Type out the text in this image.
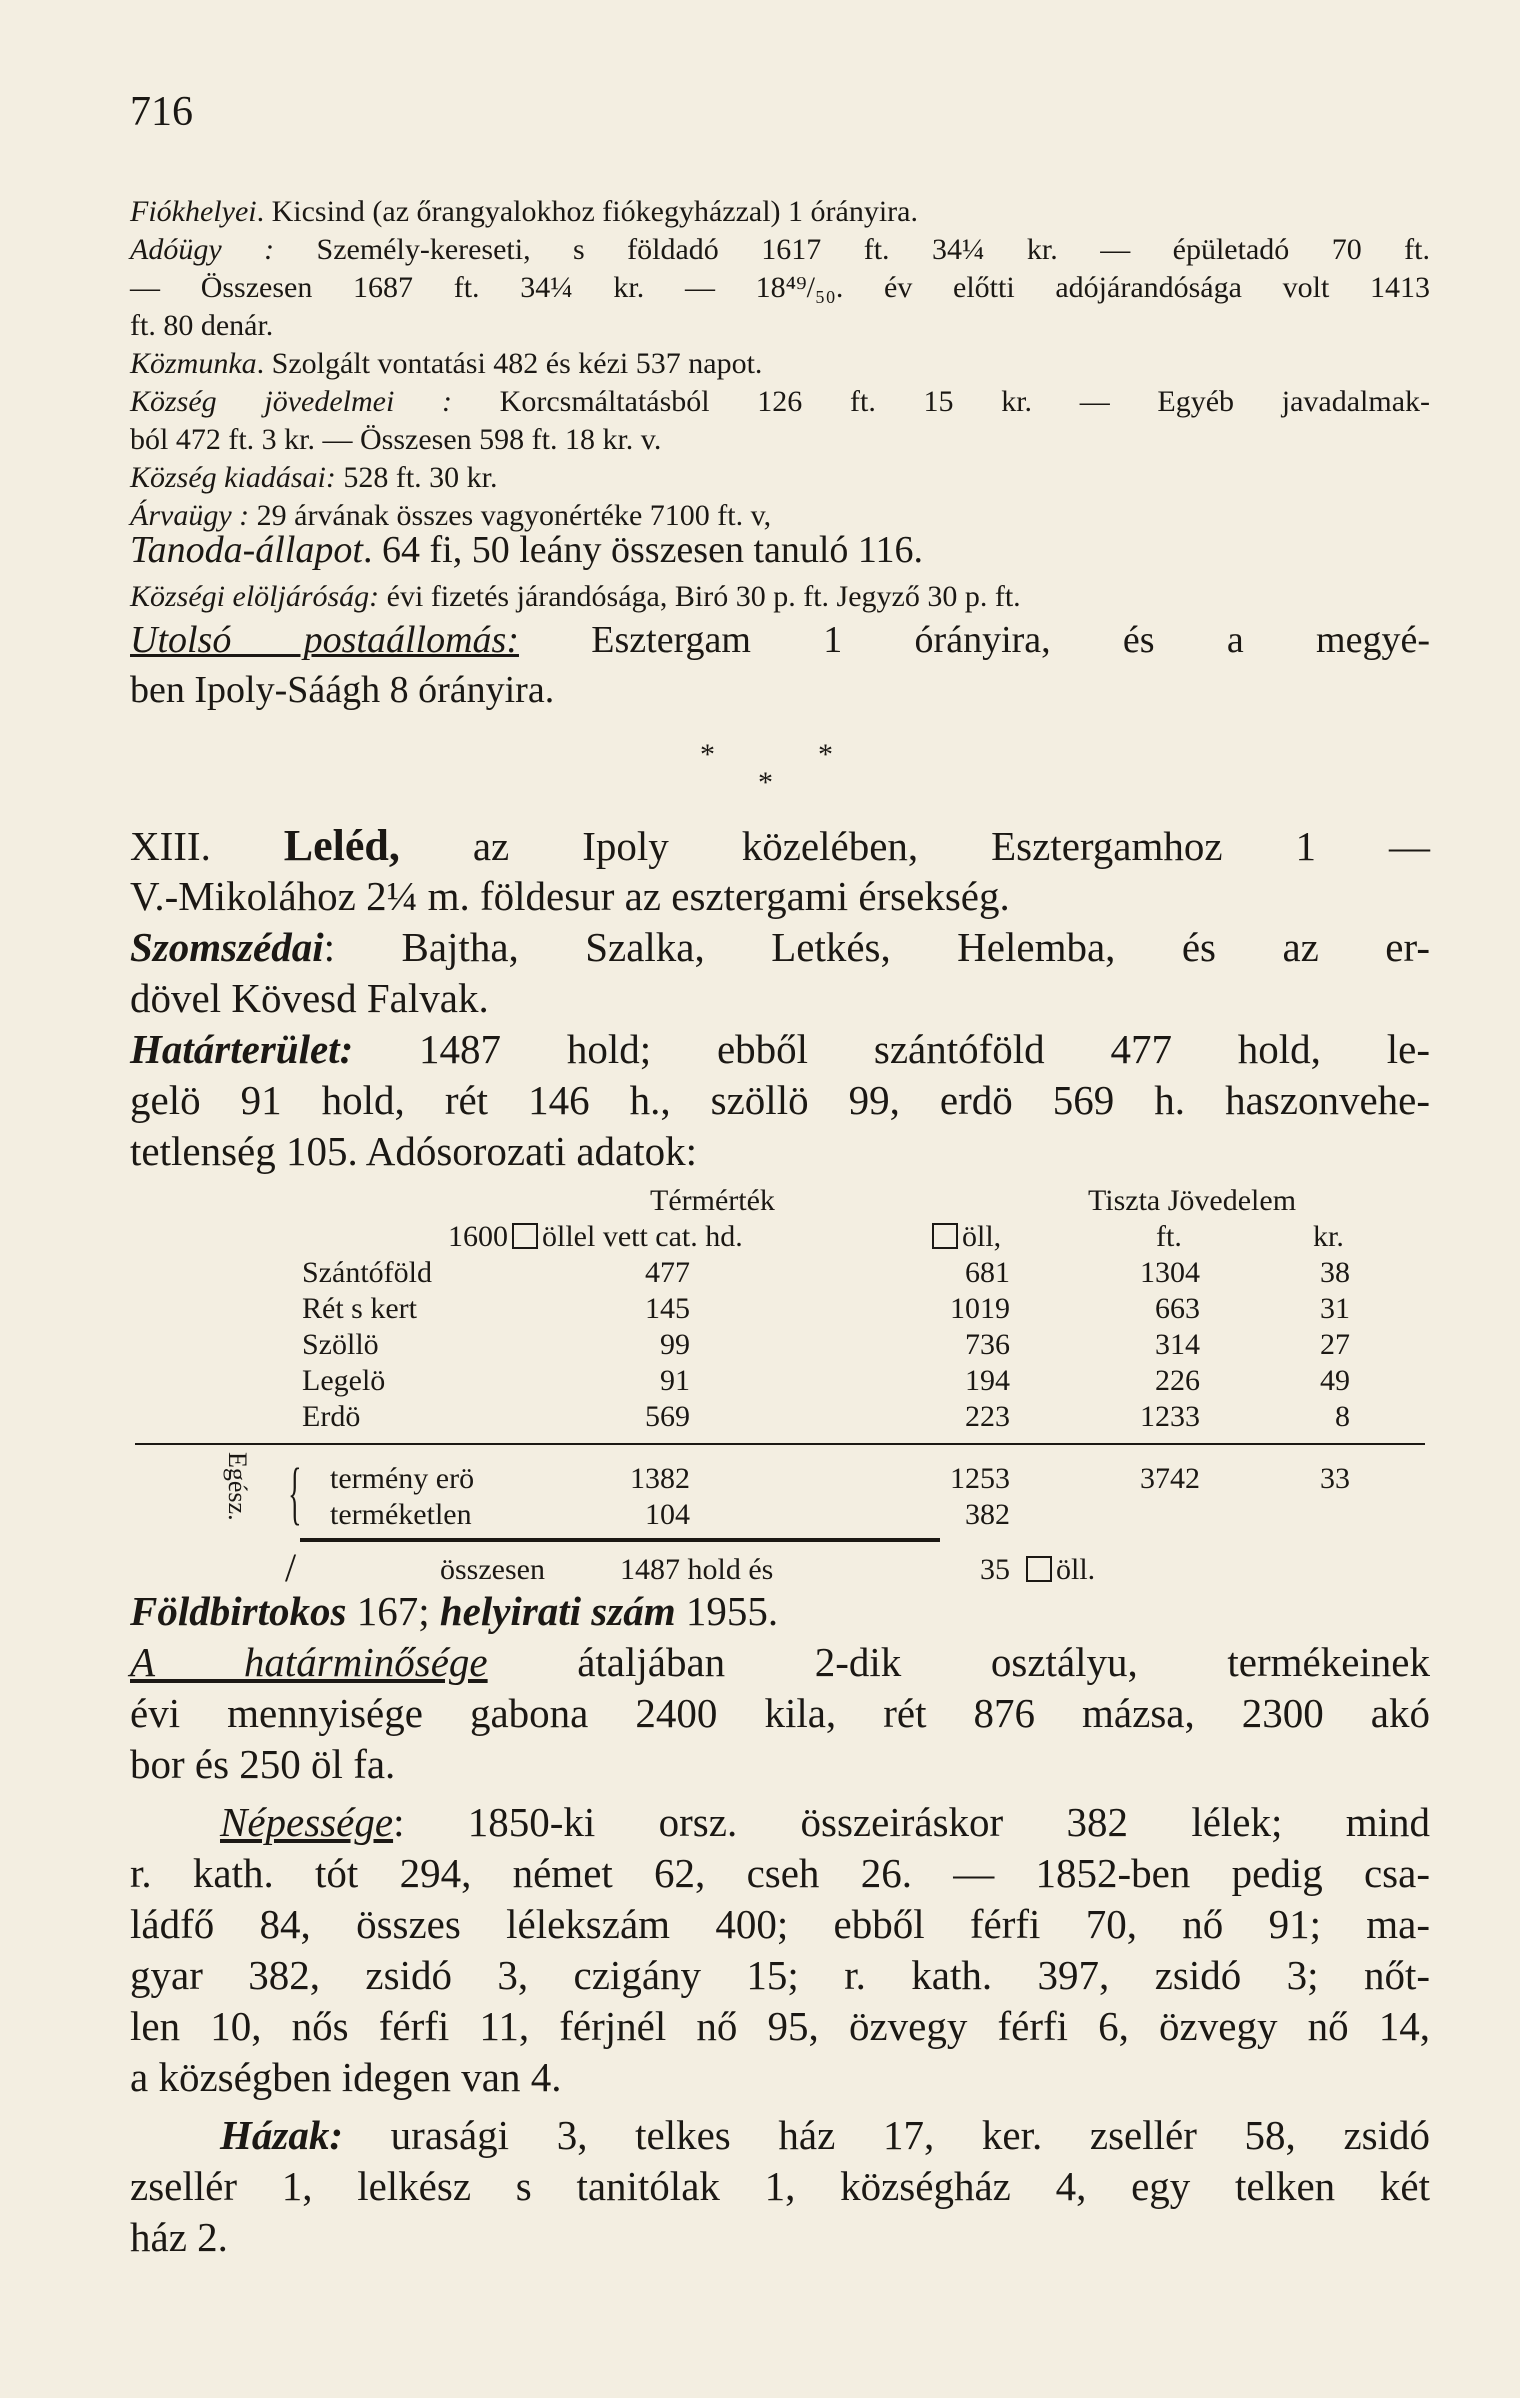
716
Fiókhelyei. Kicsind (az őrangyalokhoz fiókegyházzal) 1 órányira.
Adóügy : Személy-kereseti, s földadó 1617 ft. 34¼ kr. — épületadó 70 ft.
— Összesen 1687 ft. 34¼ kr. — 18⁴⁹/₅₀. év előtti adójárandósága volt 1413
ft. 80 denár.
Közmunka. Szolgált vontatási 482 és kézi 537 napot.
Község jövedelmei : Korcsmáltatásból 126 ft. 15 kr. — Egyéb javadalmak-
ból 472 ft. 3 kr. — Összesen 598 ft. 18 kr. v.
Község kiadásai: 528 ft. 30 kr.
Árvaügy : 29 árvának összes vagyonértéke 7100 ft. v,
Tanoda-állapot. 64 fi, 50 leány összesen tanuló 116.
Községi elöljáróság: évi fizetés járandósága, Biró 30 p. ft. Jegyző 30 p. ft.
Utolsó postaállomás: Esztergam 1 órányira, és a megyé-
ben Ipoly-Sáágh 8 órányira.
*	*
*
XIII. Leléd, az Ipoly közelében, Esztergamhoz 1 —
V.-Mikolához 2¼ m. földesur az esztergami érsekség.
Szomszédai: Bajtha, Szalka, Letkés, Helemba, és az er-
dövel Kövesd Falvak.
Határterület: 1487 hold; ebből szántóföld 477 hold, le-
gelö 91 hold, rét 146 h., szöllö 99, erdö 569 h. haszonvehe-
tetlenség 105. Adósorozati adatok:
Térmérték	Tiszta Jövedelem
1600 öllel vett cat. hd.	öll,	ft.	kr.
Szántóföld	477	681	1304	38
Rét s kert	145	1019	663	31
Szöllö	99	736	314	27
Legelö	91	194	226	49
Erdö	569	223	1233	8
Egész. { termény erö	1382	1253	3742	33
terméketlen	104	382
/	összesen	1487 hold és	35	öll.
Földbirtokos 167; helyirati szám 1955.
A határminősége átaljában 2-dik osztályu, termékeinek
évi mennyisége gabona 2400 kila, rét 876 mázsa, 2300 akó
bor és 250 öl fa.
Népessége: 1850-ki orsz. összeiráskor 382 lélek; mind
r. kath. tót 294, német 62, cseh 26. — 1852-ben pedig csa-
ládfő 84, összes lélekszám 400; ebből férfi 70, nő 91; ma-
gyar 382, zsidó 3, czigány 15; r. kath. 397, zsidó 3; nőt-
len 10, nős férfi 11, férjnél nő 95, özvegy férfi 6, özvegy nő 14,
a községben idegen van 4.
Házak: urasági 3, telkes ház 17, ker. zsellér 58, zsidó
zsellér 1, lelkész s tanitólak 1, községház 4, egy telken két
ház 2.
